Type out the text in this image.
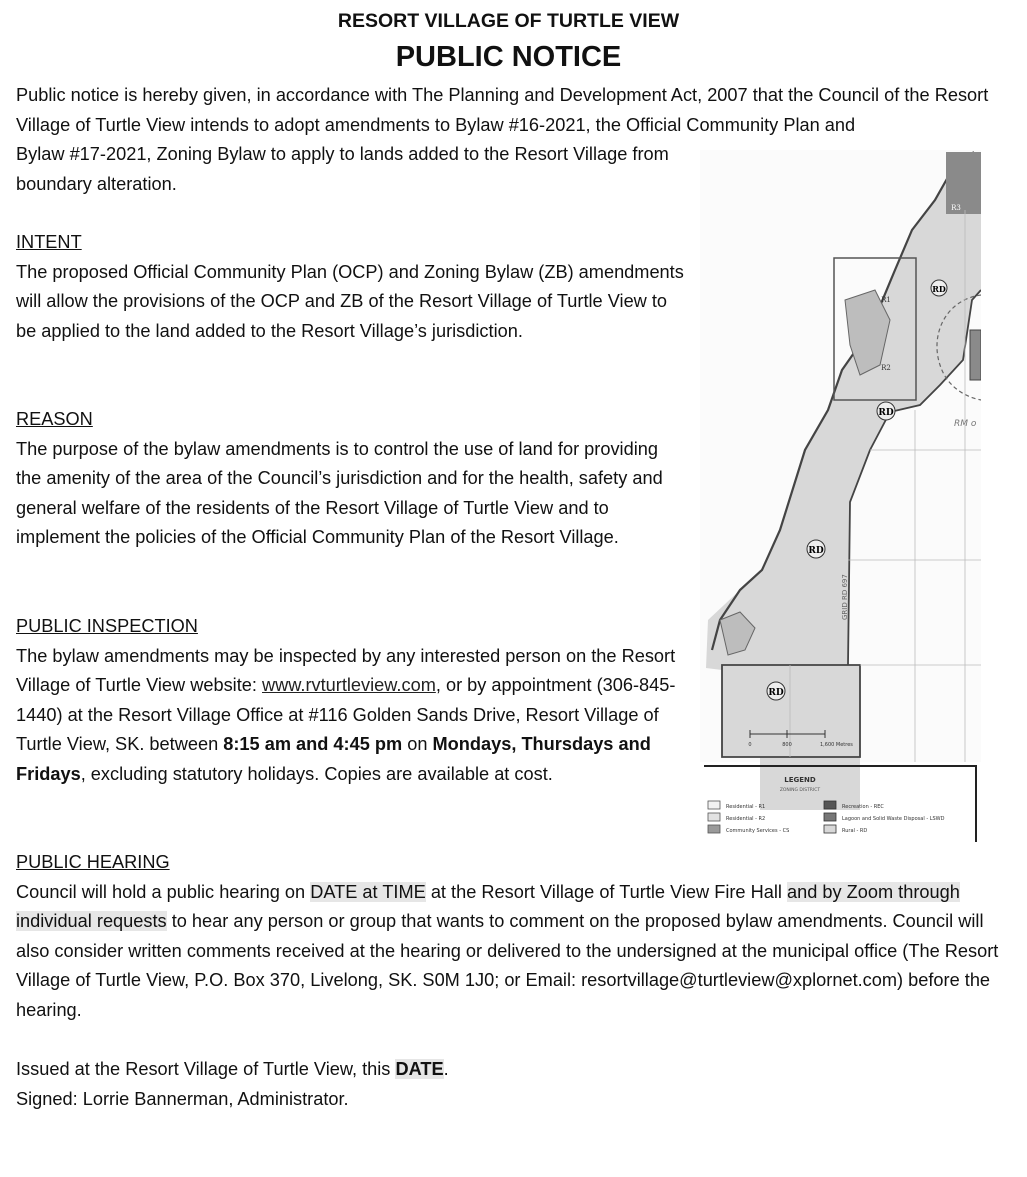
RESORT VILLAGE OF TURTLE VIEW
PUBLIC NOTICE

Public notice is hereby given, in accordance with The Planning and Development Act, 2007 that the Council of the Resort Village of Turtle View intends to adopt amendments to Bylaw #16-2021, the Official Community Plan and

Bylaw #17-2021, Zoning Bylaw to apply to lands added to the Resort Village from boundary alteration.

INTENT
The proposed Official Community Plan (OCP) and Zoning Bylaw (ZB) amendments will allow the provisions of the OCP and ZB of the Resort Village of Turtle View to be applied to the land added to the Resort Village’s jurisdiction.
REASON
The purpose of the bylaw amendments is to control the use of land for providing the amenity of the area of the Council’s jurisdiction and for the health, safety and general welfare of the residents of the Resort Village of Turtle View and to implement the policies of the Official Community Plan of the Resort Village.
PUBLIC INSPECTION
The bylaw amendments may be inspected by any interested person on the Resort Village of Turtle View website: www.rvturtleview.com, or by appointment (306-845-1440) at the Resort Village Office at #116 Golden Sands Drive, Resort Village of Turtle View, SK. between 8:15 am and 4:45 pm on Mondays, Thursdays and Fridays, excluding statutory holidays. Copies are available at cost.
PUBLIC HEARING
Council will hold a public hearing on DATE at TIME at the Resort Village of Turtle View Fire Hall and by Zoom through individual requests to hear any person or group that wants to comment on the proposed bylaw amendments. Council will also consider written comments received at the hearing or delivered to the undersigned at the municipal office (The Resort Village of Turtle View, P.O. Box 370, Livelong, SK. S0M 1J0; or Email: resortvillage@turtleview@xplornet.com) before the hearing.
Issued at the Resort Village of Turtle View, this DATE.
Signed: Lorrie Bannerman, Administrator.
RD
RD
RD
RD
R1
R2
R3
RM o
GRID RD 697
0	800	1,600 Metres
LEGEND
ZONING DISTRICT
Residential - R1
Residential - R2
Community Services - CS
Recreation - REC
Lagoon and Solid Waste Disposal - LSWD
Rural - RD
